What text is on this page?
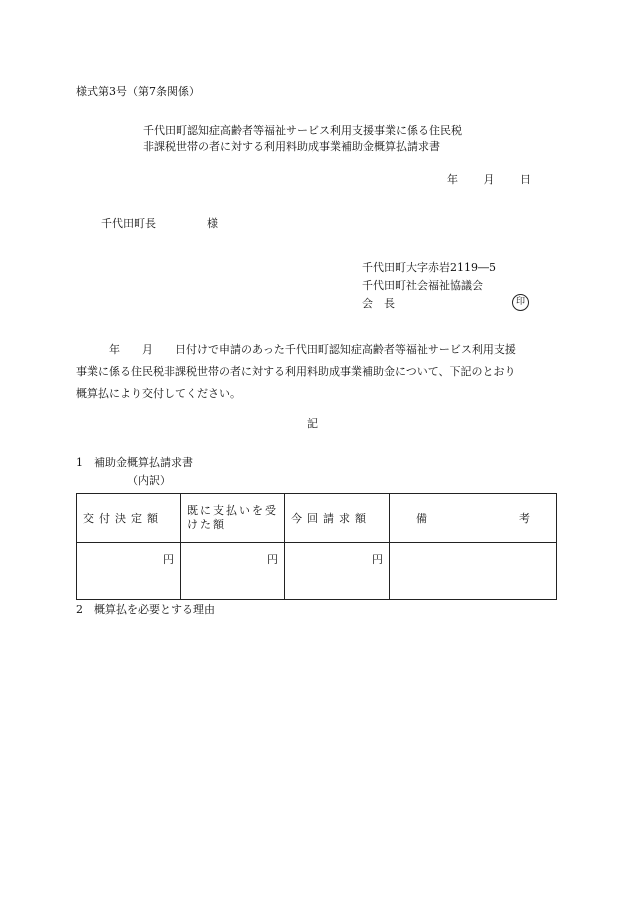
様式第3号（第7条関係）
千代田町認知症高齢者等福祉サービス利用支援事業に係る住民税
非課税世帯の者に対する利用料助成事業補助金概算払請求書
年 月 日
千代田町長	様
千代田町大字赤岩2119―5
千代田町社会福祉協議会
会　長	印

　　　年　　月　　日付けで申請のあった千代田町認知症高齢者等福祉サービス利用支援

事業に係る住民税非課税世帯の者に対する利用料助成事業補助金について、下記のとおり

概算払により交付してください。

記
1　補助金概算払請求書
（内訳）
交付決定額	既に支払いを受けた額	今回請求額	備 考

円	円	円	
2　概算払を必要とする理由
